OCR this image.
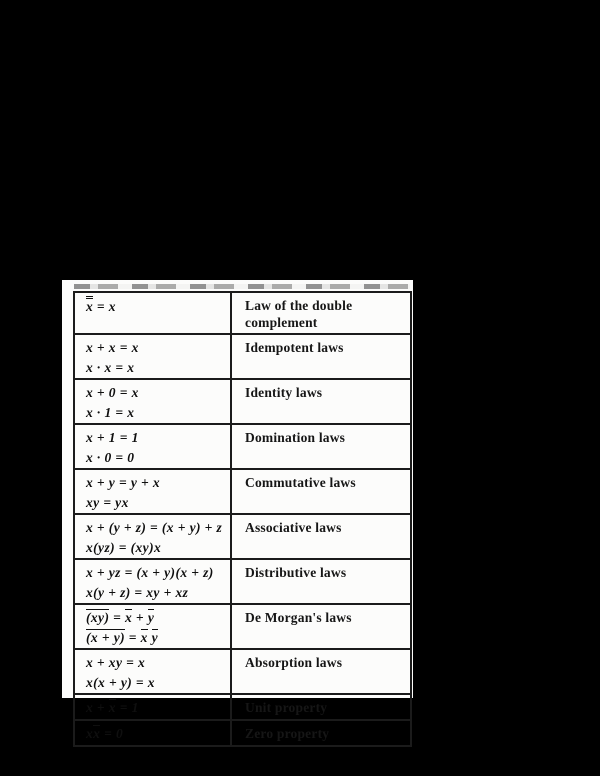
x = x	Law of the double complement

x + x = x
x · x = x	Idempotent laws

x + 0 = x
x · 1 = x	Identity laws

x + 1 = 1
x · 0 = 0	Domination laws

x + y = y + x
xy = yx	Commutative laws

x + (y + z) = (x + y) + z
x(yz) = (xy)x	Associative laws

x + yz = (x + y)(x + z)
x(y + z) = xy + xz	Distributive laws

(xy) = x + y
(x + y) = x y	De Morgan's laws

x + xy = x
x(x + y) = x	Absorption laws

x + x = 1	Unit property

xx = 0	Zero property
